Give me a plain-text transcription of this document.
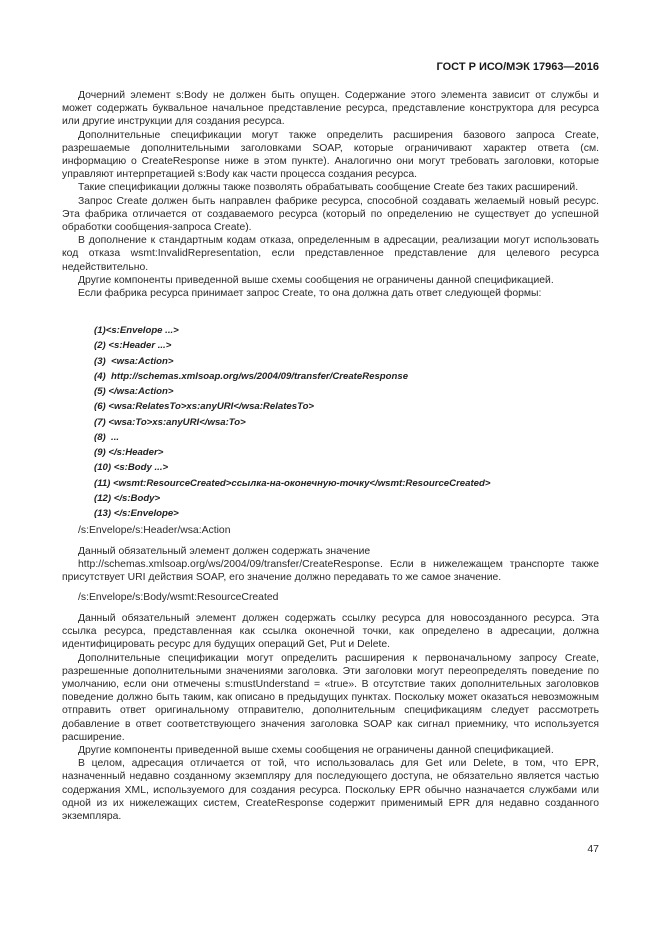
ГОСТ Р ИСО/МЭК 17963—2016

Дочерний элемент s:Body не должен быть опущен. Содержание этого элемента зависит от службы и может содержать буквальное начальное представление ресурса, представление конструктора для ресурса или другие инструкции для создания ресурса.

Дополнительные спецификации могут также определить расширения базового запроса Create, разрешаемые дополнительными заголовками SOAP, которые ограничивают характер ответа (см. информацию о CreateResponse ниже в этом пункте). Аналогично они могут требовать заголовки, которые управляют интерпретацией s:Body как части процесса создания ресурса.

Такие спецификации должны также позволять обрабатывать сообщение Create без таких расширений.

Запрос Create должен быть направлен фабрике ресурса, способной создавать желаемый новый ресурс. Эта фабрика отличается от создаваемого ресурса (который по определению не существует до успешной обработки сообщения-запроса Create).

В дополнение к стандартным кодам отказа, определенным в адресации, реализации могут использовать код отказа wsmt:InvalidRepresentation, если представленное представление для целевого ресурса недействительно.

Другие компоненты приведенной выше схемы сообщения не ограничены данной спецификацией.
Если фабрика ресурса принимает запрос Create, то она должна дать ответ следующей формы:
(1)<s:Envelope ...>
(2) <s:Header ...>
(3)  <wsa:Action>
(4)  http://schemas.xmlsoap.org/ws/2004/09/transfer/CreateResponse
(5) </wsa:Action>
(6) <wsa:RelatesTo>xs:anyURI</wsa:RelatesTo>
(7) <wsa:To>xs:anyURI</wsa:To>
(8)  ...
(9) </s:Header>
(10) <s:Body ...>
(11) <wsmt:ResourceCreated>ссылка-на-оконечную-точку</wsmt:ResourceCreated>
(12) </s:Body>
(13) </s:Envelope>
/s:Envelope/s:Header/wsa:Action
Данный обязательный элемент должен содержать значение

http://schemas.xmlsoap.org/ws/2004/09/transfer/CreateResponse. Если в нижележащем транспорте также присутствует URI действия SOAP, его значение должно передавать то же самое значение.

/s:Envelope/s:Body/wsmt:ResourceCreated

Данный обязательный элемент должен содержать ссылку ресурса для новосозданного ресурса. Эта ссылка ресурса, представленная как ссылка оконечной точки, как определено в адресации, должна идентифицировать ресурс для будущих операций Get, Put и Delete.

Дополнительные спецификации могут определить расширения к первоначальному запросу Create, разрешенные дополнительными значениями заголовка. Эти заголовки могут переопределять поведение по умолчанию, если они отмечены s:mustUnderstand = «true». В отсутствие таких дополнительных заголовков поведение должно быть таким, как описано в предыдущих пунктах. Поскольку может оказаться невозможным отправить ответ оригинальному отправителю, дополнительным спецификациям следует рассмотреть добавление в ответ соответствующего значения заголовка SOAP как сигнал приемнику, что используется расширение.

Другие компоненты приведенной выше схемы сообщения не ограничены данной спецификацией.

В целом, адресация отличается от той, что использовалась для Get или Delete, в том, что EPR, назначенный недавно созданному экземпляру для последующего доступа, не обязательно является частью содержания XML, используемого для создания ресурса. Поскольку EPR обычно назначается службами или одной из их нижележащих систем, CreateResponse содержит применимый EPR для недавно созданного экземпляра.

47
